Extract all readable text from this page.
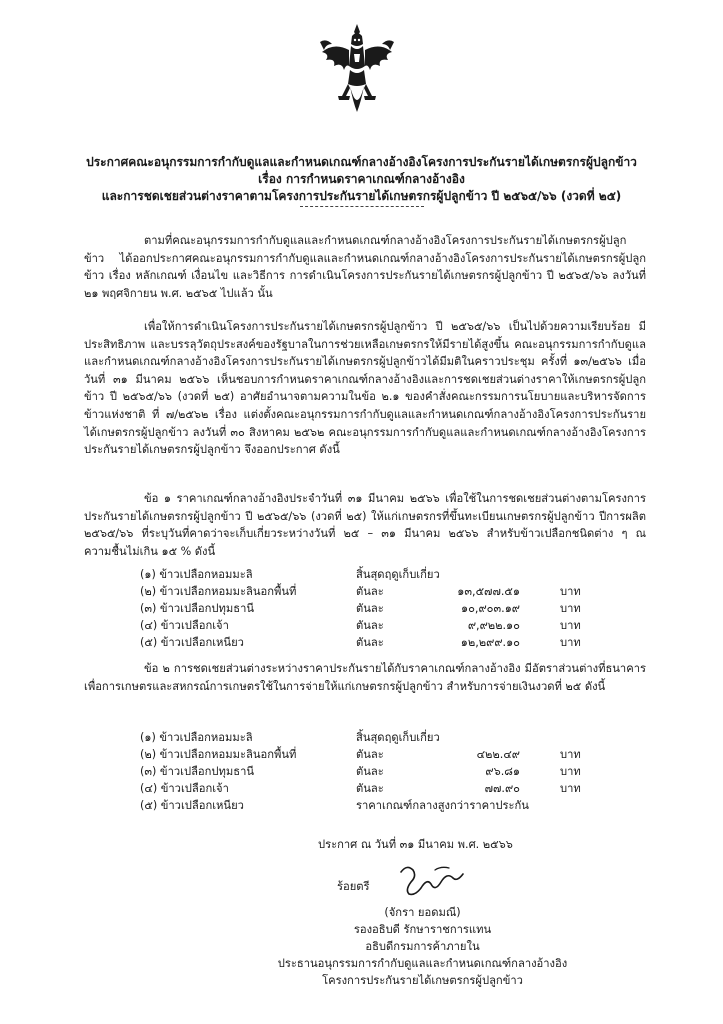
ประกาศคณะอนุกรรมการกำกับดูแลและกำหนดเกณฑ์กลางอ้างอิงโครงการประกันรายได้เกษตรกรผู้ปลูกข้าว
เรื่อง การกำหนดราคาเกณฑ์กลางอ้างอิง
และการชดเชยส่วนต่างราคาตามโครงการประกันรายได้เกษตรกรผู้ปลูกข้าว ปี ๒๕๖๕/๖๖ (งวดที่ ๒๕)
ตามที่คณะอนุกรรมการกำกับดูแลและกำหนดเกณฑ์กลางอ้างอิงโครงการประกันรายได้เกษตรกรผู้ปลูกข้าว ได้ออกประกาศคณะอนุกรรมการกำกับดูแลและกำหนดเกณฑ์กลางอ้างอิงโครงการประกันรายได้เกษตรกรผู้ปลูกข้าว เรื่อง หลักเกณฑ์ เงื่อนไข และวิธีการ การดำเนินโครงการประกันรายได้เกษตรกรผู้ปลูกข้าว ปี ๒๕๖๕/๖๖ ลงวันที่ ๒๑ พฤศจิกายน พ.ศ. ๒๕๖๕ ไปแล้ว นั้น
เพื่อให้การดำเนินโครงการประกันรายได้เกษตรกรผู้ปลูกข้าว ปี ๒๕๖๕/๖๖ เป็นไปด้วยความเรียบร้อย มีประสิทธิภาพ และบรรลุวัตถุประสงค์ของรัฐบาลในการช่วยเหลือเกษตรกรให้มีรายได้สูงขึ้น คณะอนุกรรมการกำกับดูแลและกำหนดเกณฑ์กลางอ้างอิงโครงการประกันรายได้เกษตรกรผู้ปลูกข้าวได้มีมติในคราวประชุม ครั้งที่ ๑๓/๒๕๖๖ เมื่อวันที่ ๓๑ มีนาคม ๒๕๖๖ เห็นชอบการกำหนดราคาเกณฑ์กลางอ้างอิงและการชดเชยส่วนต่างราคาให้เกษตรกรผู้ปลูกข้าว ปี ๒๕๖๕/๖๖ (งวดที่ ๒๕) อาศัยอำนาจตามความในข้อ ๒.๑ ของคำสั่งคณะกรรมการนโยบายและบริหารจัดการข้าวแห่งชาติ ที่ ๗/๒๕๖๒ เรื่อง แต่งตั้งคณะอนุกรรมการกำกับดูแลและกำหนดเกณฑ์กลางอ้างอิงโครงการประกันรายได้เกษตรกรผู้ปลูกข้าว ลงวันที่ ๓๐ สิงหาคม ๒๕๖๒ คณะอนุกรรมการกำกับดูแลและกำหนดเกณฑ์กลางอ้างอิงโครงการประกันรายได้เกษตรกรผู้ปลูกข้าว จึงออกประกาศ ดังนี้
ข้อ ๑ ราคาเกณฑ์กลางอ้างอิงประจำวันที่ ๓๑ มีนาคม ๒๕๖๖ เพื่อใช้ในการชดเชยส่วนต่างตามโครงการประกันรายได้เกษตรกรผู้ปลูกข้าว ปี ๒๕๖๕/๖๖ (งวดที่ ๒๕) ให้แก่เกษตรกรที่ขึ้นทะเบียนเกษตรกรผู้ปลูกข้าว ปีการผลิต ๒๕๖๕/๖๖ ที่ระบุวันที่คาดว่าจะเก็บเกี่ยวระหว่างวันที่ ๒๕ – ๓๑ มีนาคม ๒๕๖๖ สำหรับข้าวเปลือกชนิดต่าง ๆ ณ ความชื้นไม่เกิน ๑๕ % ดังนี้
(๑) ข้าวเปลือกหอมมะลิ	สิ้นสุดฤดูเก็บเกี่ยว
(๒) ข้าวเปลือกหอมมะลินอกพื้นที่	ตันละ	๑๓,๕๗๗.๕๑	บาท
(๓) ข้าวเปลือกปทุมธานี	ตันละ	๑๐,๙๐๓.๑๙	บาท
(๔) ข้าวเปลือกเจ้า	ตันละ	๙,๙๒๒.๑๐	บาท
(๕) ข้าวเปลือกเหนียว	ตันละ	๑๒,๒๙๙.๑๐	บาท
ข้อ ๒ การชดเชยส่วนต่างระหว่างราคาประกันรายได้กับราคาเกณฑ์กลางอ้างอิง มีอัตราส่วนต่างที่ธนาคารเพื่อการเกษตรและสหกรณ์การเกษตรใช้ในการจ่ายให้แก่เกษตรกรผู้ปลูกข้าว สำหรับการจ่ายเงินงวดที่ ๒๕ ดังนี้
(๑) ข้าวเปลือกหอมมะลิ	สิ้นสุดฤดูเก็บเกี่ยว
(๒) ข้าวเปลือกหอมมะลินอกพื้นที่	ตันละ	๔๒๒.๔๙	บาท
(๓) ข้าวเปลือกปทุมธานี	ตันละ	๙๖.๘๑	บาท
(๔) ข้าวเปลือกเจ้า	ตันละ	๗๗.๙๐	บาท
(๕) ข้าวเปลือกเหนียว	ราคาเกณฑ์กลางสูงกว่าราคาประกัน
ประกาศ ณ วันที่ ๓๑ มีนาคม พ.ศ. ๒๕๖๖
ร้อยตรี
(จักรา ยอดมณี)
รองอธิบดี รักษาราชการแทน
อธิบดีกรมการค้าภายใน
ประธานอนุกรรมการกำกับดูแลและกำหนดเกณฑ์กลางอ้างอิง
โครงการประกันรายได้เกษตรกรผู้ปลูกข้าว
